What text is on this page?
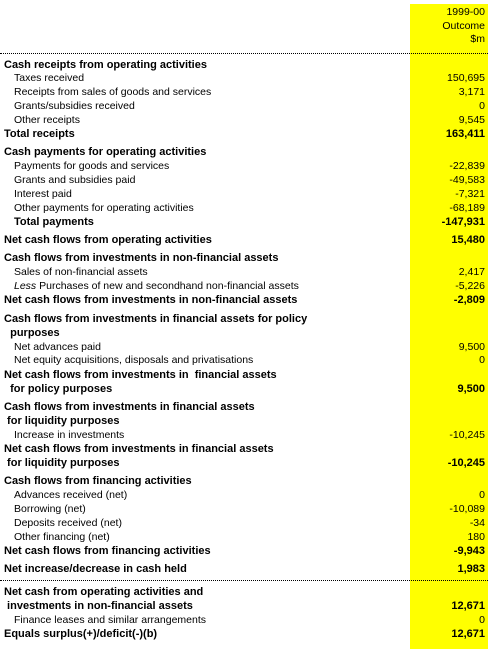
1999-00
Outcome
$m
Cash receipts from operating activities
Taxes received	150,695
Receipts from sales of goods and services	3,171
Grants/subsidies received	0
Other receipts	9,545
Total receipts	163,411
Cash payments for operating activities
Payments for goods and services	-22,839
Grants and subsidies paid	-49,583
Interest paid	-7,321
Other payments for operating activities	-68,189
Total payments	-147,931
Net cash flows from operating activities	15,480
Cash flows from investments in non-financial assets
Sales of non-financial assets	2,417
Less Purchases of new and secondhand non-financial assets	-5,226
Net cash flows from investments in non-financial assets	-2,809
Cash flows from investments in financial assets for policy
purposes
Net advances paid	9,500
Net equity acquisitions, disposals and privatisations	0
Net cash flows from investments in  financial assets
for policy purposes	9,500
Cash flows from investments in financial assets
for liquidity purposes
Increase in investments	-10,245
Net cash flows from investments in financial assets
for liquidity purposes	-10,245
Cash flows from financing activities
Advances received (net)	0
Borrowing (net)	-10,089
Deposits received (net)	-34
Other financing (net)	180
Net cash flows from financing activities	-9,943
Net increase/decrease in cash held	1,983
Net cash from operating activities and
investments in non-financial assets	12,671
Finance leases and similar arrangements	0
Equals surplus(+)/deficit(-)(b)	12,671
